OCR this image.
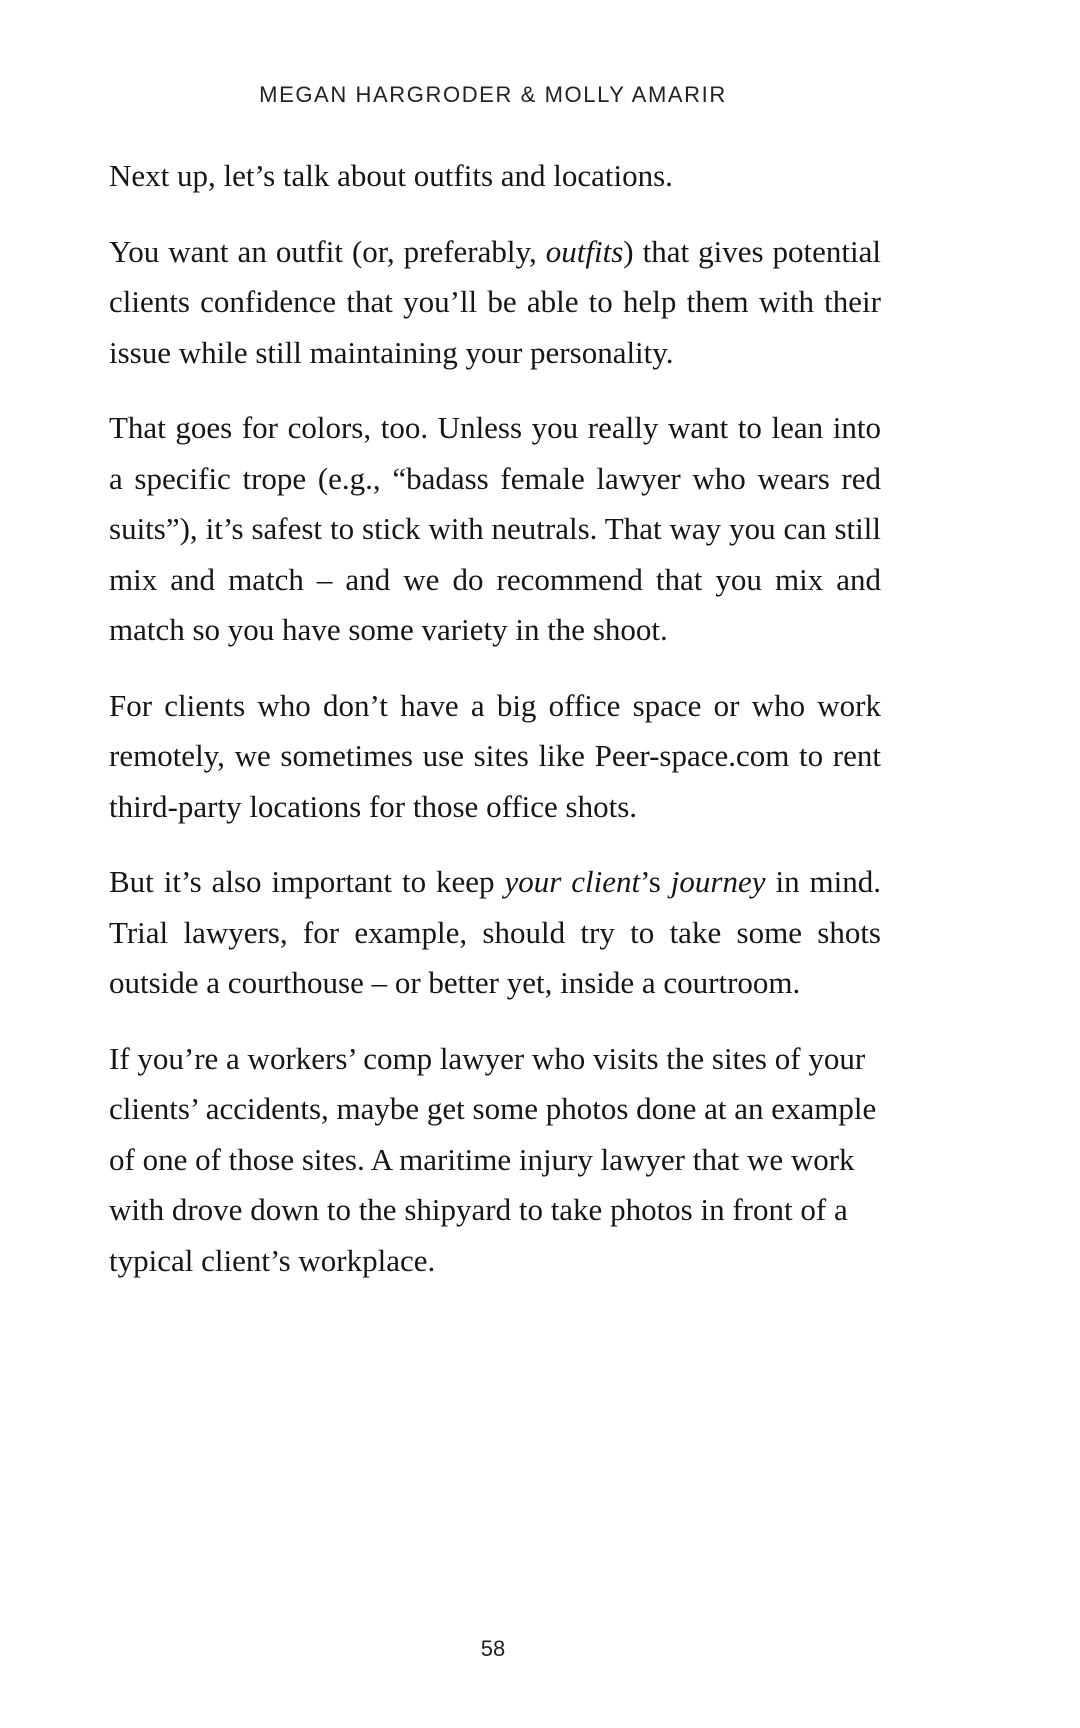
MEGAN HARGRODER & MOLLY AMARIR

Next up, let’s talk about outfits and locations.

You want an outfit (or, preferably, outfits) that gives potential clients confidence that you’ll be able to help them with their issue while still maintaining your personality.

That goes for colors, too. Unless you really want to lean into a specific trope (e.g., “badass female lawyer who wears red suits”), it’s safest to stick with neutrals. That way you can still mix and match – and we do recommend that you mix and match so you have some variety in the shoot.

For clients who don’t have a big office space or who work remotely, we sometimes use sites like Peer-space.com to rent third-party locations for those office shots.

But it’s also important to keep your client’s journey in mind. Trial lawyers, for example, should try to take some shots outside a courthouse – or better yet, inside a courtroom.

If you’re a workers’ comp lawyer who visits the sites of your clients’ accidents, maybe get some photos done at an example of one of those sites. A maritime injury lawyer that we work with drove down to the shipyard to take photos in front of a typical client’s workplace.

58
